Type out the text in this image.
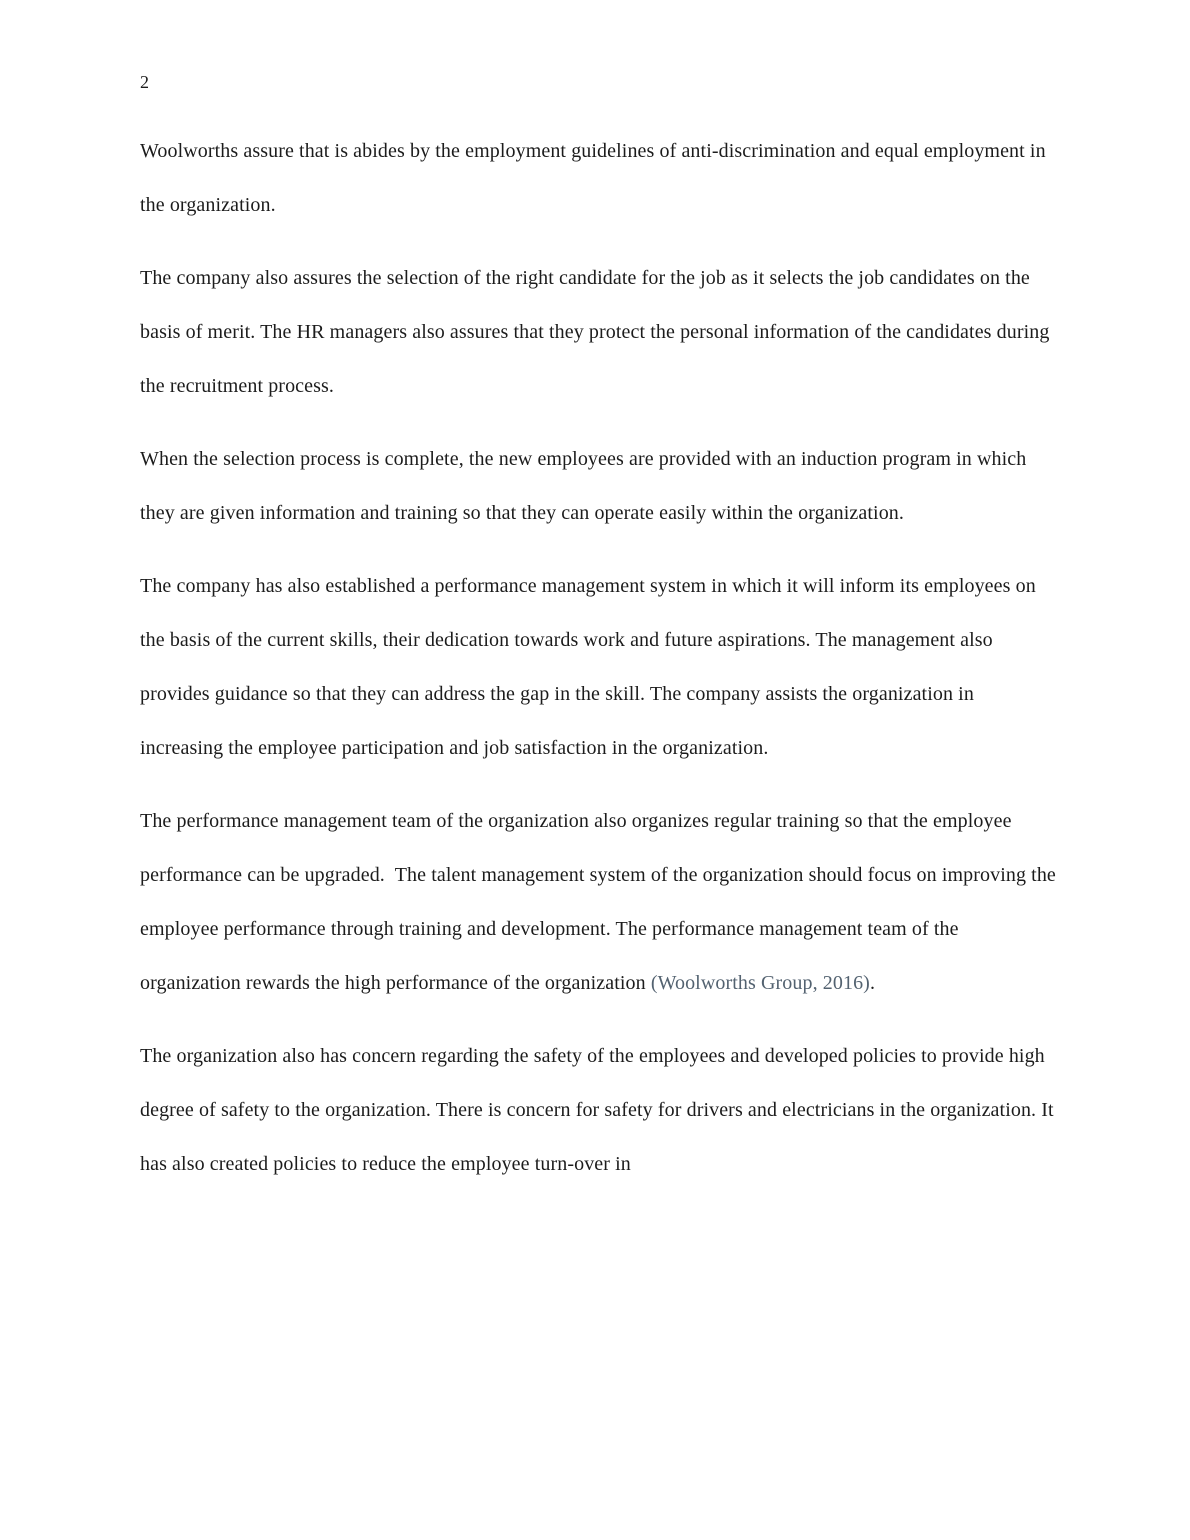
2

Woolworths assure that is abides by the employment guidelines of anti-discrimination and equal employment in the organization.

The company also assures the selection of the right candidate for the job as it selects the job candidates on the basis of merit. The HR managers also assures that they protect the personal information of the candidates during the recruitment process.

When the selection process is complete, the new employees are provided with an induction program in which they are given information and training so that they can operate easily within the organization.

The company has also established a performance management system in which it will inform its employees on the basis of the current skills, their dedication towards work and future aspirations. The management also provides guidance so that they can address the gap in the skill. The company assists the organization in increasing the employee participation and job satisfaction in the organization.

The performance management team of the organization also organizes regular training so that the employee performance can be upgraded.  The talent management system of the organization should focus on improving the employee performance through training and development. The performance management team of the organization rewards the high performance of the organization (Woolworths Group, 2016).

The organization also has concern regarding the safety of the employees and developed policies to provide high degree of safety to the organization. There is concern for safety for drivers and electricians in the organization. It has also created policies to reduce the employee turn-over in
